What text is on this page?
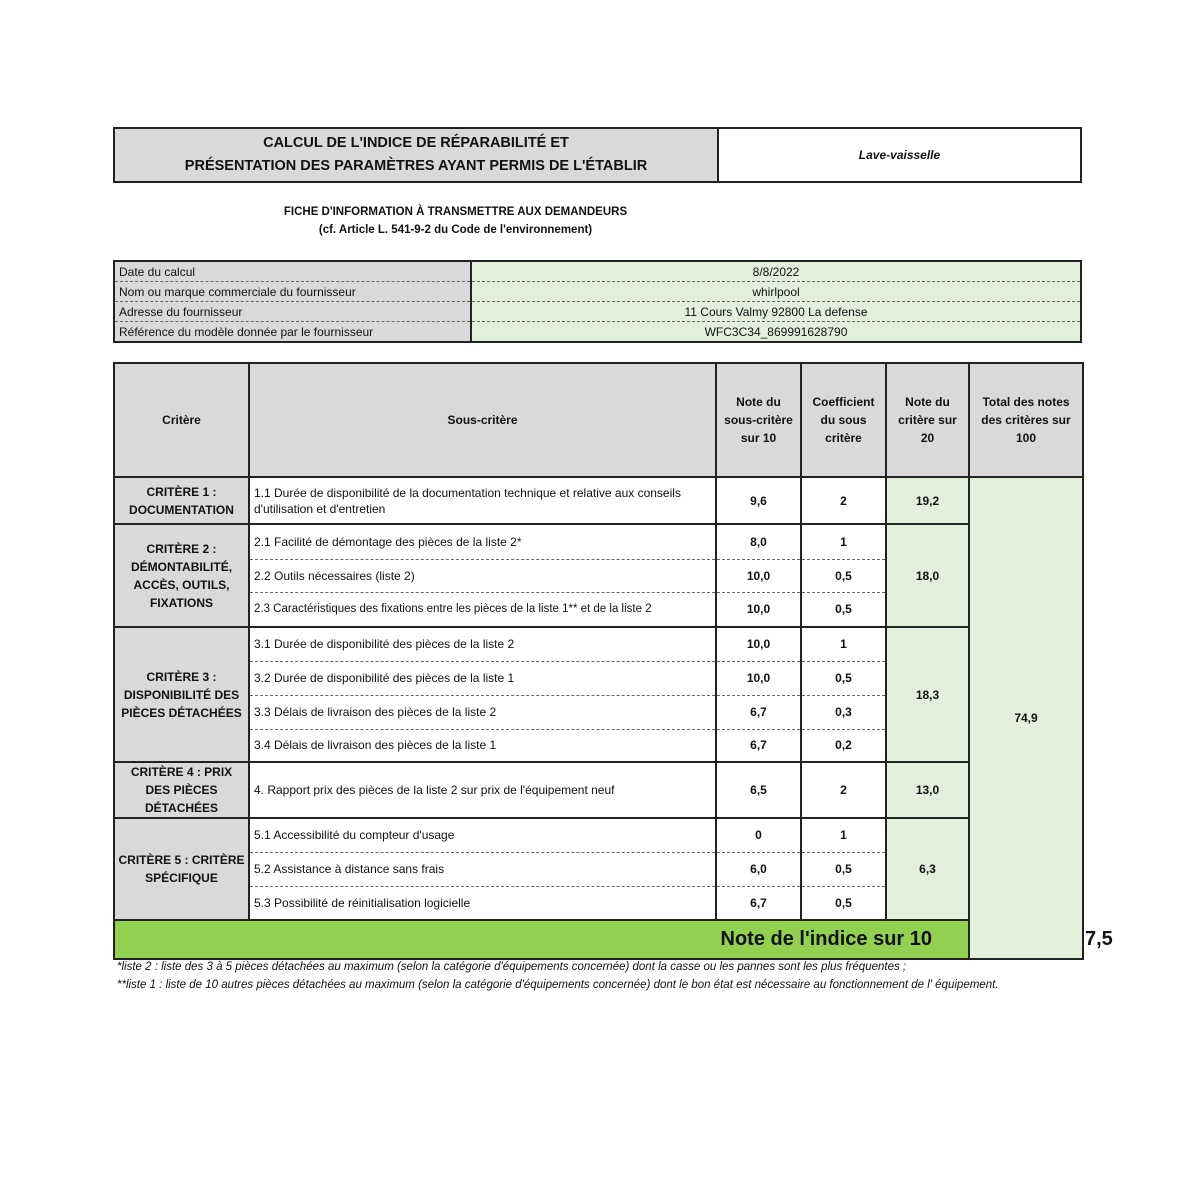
CALCUL DE L'INDICE DE RÉPARABILITÉ ET
PRÉSENTATION DES PARAMÈTRES AYANT PERMIS DE L'ÉTABLIR
Lave-vaisselle
FICHE D'INFORMATION À TRANSMETTRE AUX DEMANDEURS
(cf. Article L. 541-9-2 du Code de l'environnement)
Date du calcul	8/8/2022
Nom ou marque commerciale du fournisseur	whirlpool
Adresse du fournisseur	11 Cours Valmy 92800 La defense
Référence du modèle donnée par le fournisseur	WFC3C34_869991628790
Critère	Sous-critère	Note du sous-critère sur 10	Coefficient du sous critère	Note du critère sur 20	Total des notes des critères sur 100	
CRITÈRE 1 : DOCUMENTATION	1.1 Durée de disponibilité de la documentation technique et relative aux conseils d'utilisation et d'entretien	9,6	2	19,2	74,9	
CRITÈRE 2 : DÉMONTABILITÉ, ACCÈS, OUTILS, FIXATIONS	2.1 Facilité de démontage des pièces de la liste 2*	8,0	1	18,0		
	2.2 Outils nécessaires (liste 2)	10,0	0,5			
	2.3 Caractéristiques des fixations entre les pièces de la liste 1** et de la liste 2	10,0	0,5			
CRITÈRE 3 : DISPONIBILITÉ DES PIÈCES DÉTACHÉES	3.1 Durée de disponibilité des pièces de la liste 2	10,0	1	18,3		
	3.2 Durée de disponibilité des pièces de la liste 1	10,0	0,5			
	3.3 Délais de livraison des pièces de la liste 2	6,7	0,3			
	3.4 Délais de livraison des pièces de la liste 1	6,7	0,2			
CRITÈRE 4 : PRIX DES PIÈCES DÉTACHÉES	4. Rapport prix des pièces de la liste 2 sur prix de l'équipement neuf	6,5	2	13,0		
CRITÈRE 5 : CRITÈRE SPÉCIFIQUE	5.1 Accessibilité du compteur d'usage	0	1	6,3		
	5.2 Assistance à distance sans frais	6,0	0,5			
	5.3 Possibilité de réinitialisation logicielle	6,7	0,5			
Note de l'indice sur 10						7,5
*liste 2 : liste des 3 à 5 pièces détachées au maximum (selon la catégorie d'équipements concernée) dont la casse ou les pannes sont les plus fréquentes ;
**liste 1 : liste de 10 autres pièces détachées au maximum (selon la catégorie d'équipements concernée) dont le bon état est nécessaire au fonctionnement de l' équipement.
